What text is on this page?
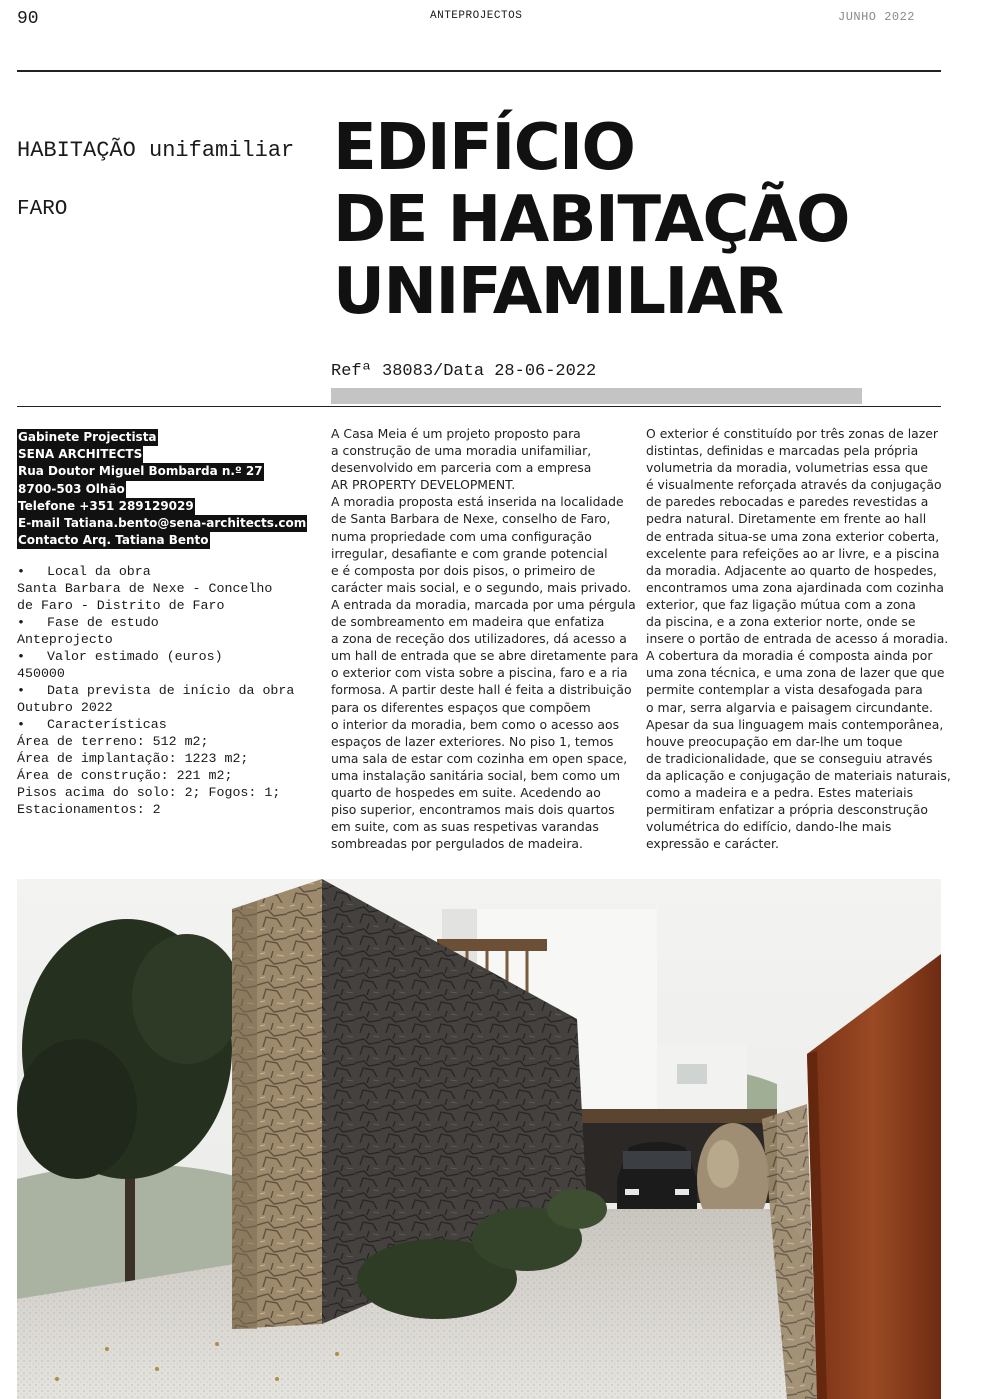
90	ANTEPROJECTOS	JUNHO 2022
HABITAÇÃO unifamiliar
FARO
EDIFÍCIO
DE HABITAÇÃO
UNIFAMILIAR
Refª 38083/Data 28-06-2022
Gabinete Projectista
SENA ARCHITECTS
Rua Doutor Miguel Bombarda n.º 27
8700-503 Olhão
Telefone +351 289129029
E-mail Tatiana.bento@sena-architects.com
Contacto Arq. Tatiana Bento
• Local da obra
Santa Barbara de Nexe - Concelho
de Faro - Distrito de Faro
• Fase de estudo
Anteprojecto
• Valor estimado (euros)
450000
• Data prevista de início da obra
Outubro 2022
• Características
Área de terreno: 512 m2;
Área de implantação: 1223 m2;
Área de construção: 221 m2;
Pisos acima do solo: 2; Fogos: 1;
Estacionamentos: 2
A Casa Meia é um projeto proposto para
a construção de uma moradia unifamiliar,
desenvolvido em parceria com a empresa
AR PROPERTY DEVELOPMENT.
A moradia proposta está inserida na localidade
de Santa Barbara de Nexe, conselho de Faro,
numa propriedade com uma configuração
irregular, desafiante e com grande potencial
e é composta por dois pisos, o primeiro de
carácter mais social, e o segundo, mais privado.
A entrada da moradia, marcada por uma pérgula
de sombreamento em madeira que enfatiza
a zona de receção dos utilizadores, dá acesso a
um hall de entrada que se abre diretamente para
o exterior com vista sobre a piscina, faro e a ria
formosa. A partir deste hall é feita a distribuição
para os diferentes espaços que compõem
o interior da moradia, bem como o acesso aos
espaços de lazer exteriores. No piso 1, temos
uma sala de estar com cozinha em open space,
uma instalação sanitária social, bem como um
quarto de hospedes em suite. Acedendo ao
piso superior, encontramos mais dois quartos
em suite, com as suas respetivas varandas
sombreadas por pergulados de madeira.
O exterior é constituído por três zonas de lazer
distintas, definidas e marcadas pela própria
volumetria da moradia, volumetrias essa que
é visualmente reforçada através da conjugação
de paredes rebocadas e paredes revestidas a
pedra natural. Diretamente em frente ao hall
de entrada situa-se uma zona exterior coberta,
excelente para refeições ao ar livre, e a piscina
da moradia. Adjacente ao quarto de hospedes,
encontramos uma zona ajardinada com cozinha
exterior, que faz ligação mútua com a zona
da piscina, e a zona exterior norte, onde se
insere o portão de entrada de acesso á moradia.
A cobertura da moradia é composta ainda por
uma zona técnica, e uma zona de lazer que que
permite contemplar a vista desafogada para
o mar, serra algarvia e paisagem circundante.
Apesar da sua linguagem mais contemporânea,
houve preocupação em dar-lhe um toque
de tradicionalidade, que se conseguiu através
da aplicação e conjugação de materiais naturais,
como a madeira e a pedra. Estes materiais
permitiram enfatizar a própria desconstrução
volumétrica do edifício, dando-lhe mais
expressão e carácter.
